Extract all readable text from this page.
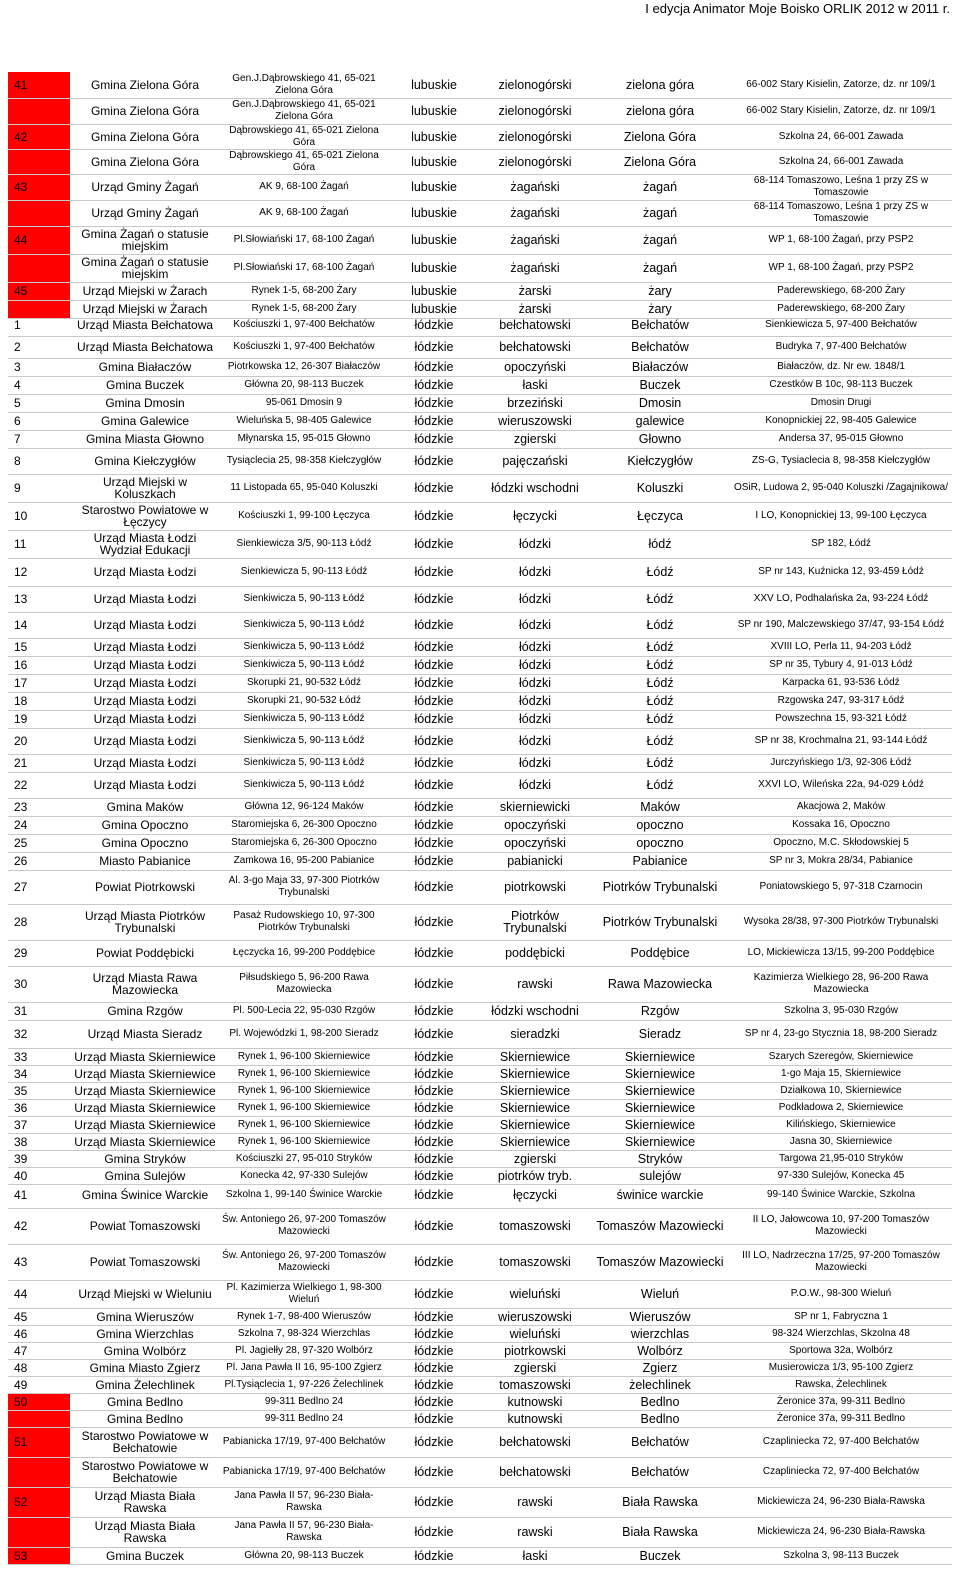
I edycja Animator Moje Boisko ORLIK 2012 w 2011 r.
41	Gmina Zielona Góra	Gen.J.Dąbrowskiego 41, 65-021 Zielona Góra	lubuskie	zielonogórski	zielona góra	66-002 Stary Kisielin, Zatorze, dz. nr 109/1
	Gmina Zielona Góra	Gen.J.Dąbrowskiego 41, 65-021 Zielona Góra	lubuskie	zielonogórski	zielona góra	66-002 Stary Kisielin, Zatorze, dz. nr 109/1
42	Gmina Zielona Góra	Dąbrowskiego 41, 65-021 Zielona Góra	lubuskie	zielonogórski	Zielona Góra	Szkolna 24, 66-001 Zawada
	Gmina Zielona Góra	Dąbrowskiego 41, 65-021 Zielona Góra	lubuskie	zielonogórski	Zielona Góra	Szkolna 24, 66-001 Zawada
43	Urząd Gminy Żagań	AK 9, 68-100 Żagań	lubuskie	żagański	żagań	68-114 Tomaszowo, Leśna 1 przy ZS w Tomaszowie
	Urząd Gminy Żagań	AK 9, 68-100 Żagań	lubuskie	żagański	żagań	68-114 Tomaszowo, Leśna 1 przy ZS w Tomaszowie
44	Gmina Żagań o statusie miejskim	Pl.Słowiański 17, 68-100 Żagań	lubuskie	żagański	żagań	WP 1, 68-100 Żagań, przy PSP2
	Gmina Żagań o statusie miejskim	Pl.Słowiański 17, 68-100 Żagań	lubuskie	żagański	żagań	WP 1, 68-100 Żagań, przy PSP2
45	Urząd Miejski w Żarach	Rynek 1-5, 68-200 Żary	lubuskie	żarski	żary	Paderewskiego, 68-200 Żary
	Urząd Miejski w Żarach	Rynek 1-5, 68-200 Żary	lubuskie	żarski	żary	Paderewskiego, 68-200 Żary
1	Urząd Miasta Bełchatowa	Kościuszki 1, 97-400 Bełchatów	łódzkie	bełchatowski	Bełchatów	Sienkiewicza 5, 97-400 Bełchatów
2	Urząd Miasta Bełchatowa	Kościuszki 1, 97-400 Bełchatów	łódzkie	bełchatowski	Bełchatów	Budryka 7, 97-400 Bełchatów
3	Gmina Białaczów	Piotrkowska 12, 26-307 Białaczów	łódzkie	opoczyński	Białaczów	Białaczów, dz. Nr ew. 1848/1
4	Gmina Buczek	Główna 20, 98-113 Buczek	łódzkie	łaski	Buczek	Czestków B 10c, 98-113 Buczek
5	Gmina Dmosin	95-061 Dmosin 9	łódzkie	brzeziński	Dmosin	Dmosin Drugi
6	Gmina Galewice	Wieluńska 5, 98-405 Galewice	łódzkie	wieruszowski	galewice	Konopnickiej 22, 98-405 Galewice
7	Gmina Miasta Głowno	Młynarska 15, 95-015 Głowno	łódzkie	zgierski	Głowno	Andersa 37, 95-015 Głowno
8	Gmina Kiełczygłów	Tysiąclecia 25, 98-358 Kiełczygłów	łódzkie	pajęczański	Kiełczygłów	ZS-G, Tysiaclecia 8, 98-358 Kiełczygłów
9	Urząd Miejski w Koluszkach	11 Listopada 65, 95-040 Koluszki	łódzkie	łódzki wschodni	Koluszki	OSiR, Ludowa 2, 95-040 Koluszki /Zagajnikowa/
10	Starostwo Powiatowe w Łęczycy	Kościuszki 1, 99-100 Łęczyca	łódzkie	łęczycki	Łęczyca	I LO, Konopnickiej 13, 99-100 Łęczyca
11	Urząd Miasta Łodzi Wydział Edukacji	Sienkiewicza 3/5, 90-113 Łódź	łódzkie	łódzki	łódź	SP 182, Łódź
12	Urząd Miasta Łodzi	Sienkiewicza 5, 90-113 Łódź	łódzkie	łódzki	Łódź	SP nr 143, Kuźnicka 12, 93-459 Łódź
13	Urząd Miasta Łodzi	Sienkiwicza 5, 90-113 Łódź	łódzkie	łódzki	Łódź	XXV LO, Podhalańska 2a, 93-224 Łódź
14	Urząd Miasta Łodzi	Sienkiwicza 5, 90-113 Łódź	łódzkie	łódzki	Łódź	SP nr 190, Malczewskiego 37/47, 93-154 Łódź
15	Urząd Miasta Łodzi	Sienkiwicza 5, 90-113 Łódź	łódzkie	łódzki	Łódź	XVIII LO, Perla 11, 94-203 Łódź
16	Urząd Miasta Łodzi	Sienkiwicza 5, 90-113 Łódź	łódzkie	łódzki	Łódź	SP nr 35, Tybury 4, 91-013 Łódź
17	Urząd Miasta Łodzi	Skorupki 21, 90-532 Łódź	łódzkie	łódzki	Łódź	Karpacka 61, 93-536 Łódź
18	Urząd Miasta Łodzi	Skorupki 21, 90-532 Łódź	łódzkie	łódzki	Łódź	Rzgowska 247, 93-317 Łódź
19	Urząd Miasta Łodzi	Sienkiwicza 5, 90-113 Łódź	łódzkie	łódzki	Łódź	Powszechna 15, 93-321 Łódź
20	Urząd Miasta Łodzi	Sienkiwicza 5, 90-113 Łódź	łódzkie	łódzki	Łódź	SP nr 38, Krochmalna 21, 93-144 Łódź
21	Urząd Miasta Łodzi	Sienkiwicza 5, 90-113 Łódź	łódzkie	łódzki	Łódź	Jurczyńskiego 1/3, 92-306 Łódź
22	Urząd Miasta Łodzi	Sienkiwicza 5, 90-113 Łódź	łódzkie	łódzki	Łódź	XXVI LO, Wileńska 22a, 94-029 Łódź
23	Gmina Maków	Główna 12, 96-124 Maków	łódzkie	skierniewicki	Maków	Akacjowa 2, Maków
24	Gmina Opoczno	Staromiejska 6, 26-300 Opoczno	łódzkie	opoczyński	opoczno	Kossaka 16, Opoczno
25	Gmina Opoczno	Staromiejska 6, 26-300 Opoczno	łódzkie	opoczyński	opoczno	Opoczno, M.C. Skłodowskiej 5
26	Miasto Pabianice	Zamkowa 16, 95-200 Pabianice	łódzkie	pabianicki	Pabianice	SP nr 3, Mokra 28/34, Pabianice
27	Powiat Piotrkowski	Al. 3-go Maja 33, 97-300 Piotrków Trybunalski	łódzkie	piotrkowski	Piotrków Trybunalski	Poniatowskiego 5, 97-318 Czarnocin
28	Urząd Miasta Piotrków Trybunalski	Pasaż Rudowskiego 10, 97-300 Piotrków Trybunalski	łódzkie	Piotrków Trybunalski	Piotrków Trybunalski	Wysoka 28/38, 97-300 Piotrków Trybunalski
29	Powiat Poddębicki	Łęczycka 16, 99-200 Poddębice	łódzkie	poddębicki	Poddębice	LO, Mickiewicza 13/15, 99-200 Poddębice
30	Urząd Miasta Rawa Mazowiecka	Piłsudskiego 5, 96-200 Rawa Mazowiecka	łódzkie	rawski	Rawa Mazowiecka	Kazimierza Wielkiego 28, 96-200 Rawa Mazowiecka
31	Gmina Rzgów	Pl. 500-Lecia 22, 95-030 Rzgów	łódzkie	łódzki wschodni	Rzgów	Szkolna 3, 95-030 Rzgów
32	Urząd Miasta Sieradz	Pl. Wojewódzki 1, 98-200 Sieradz	łódzkie	sieradzki	Sieradz	SP nr 4, 23-go Stycznia 18, 98-200 Sieradz
33	Urząd Miasta Skierniewice	Rynek 1, 96-100 Skierniewice	łódzkie	Skierniewice	Skierniewice	Szarych Szeregów, Skierniewice
34	Urząd Miasta Skierniewice	Rynek 1, 96-100 Skierniewice	łódzkie	Skierniewice	Skierniewice	1-go Maja 15, Skierniewice
35	Urząd Miasta Skierniewice	Rynek 1, 96-100 Skierniewice	łódzkie	Skierniewice	Skierniewice	Działkowa 10, Skierniewice
36	Urząd Miasta Skierniewice	Rynek 1, 96-100 Skierniewice	łódzkie	Skierniewice	Skierniewice	Podkładowa 2, Skierniewice
37	Urząd Miasta Skierniewice	Rynek 1, 96-100 Skierniewice	łódzkie	Skierniewice	Skierniewice	Kilińskiego, Skierniewice
38	Urząd Miasta Skierniewice	Rynek 1, 96-100 Skierniewice	łódzkie	Skierniewice	Skierniewice	Jasna 30, Skierniewice
39	Gmina Stryków	Kościuszki 27, 95-010 Stryków	łódzkie	zgierski	Stryków	Targowa 21,95-010 Stryków
40	Gmina Sulejów	Konecka 42, 97-330 Sulejów	łódzkie	piotrków tryb.	sulejów	97-330 Sulejów, Konecka 45
41	Gmina Świnice Warckie	Szkolna 1, 99-140 Świnice Warckie	łódzkie	łęczycki	świnice warckie	99-140 Świnice Warckie, Szkolna
42	Powiat Tomaszowski	Św. Antoniego 26, 97-200 Tomaszów Mazowiecki	łódzkie	tomaszowski	Tomaszów Mazowiecki	II LO, Jałowcowa 10, 97-200 Tomaszów Mazowiecki
43	Powiat Tomaszowski	Św. Antoniego 26, 97-200 Tomaszów Mazowiecki	łódzkie	tomaszowski	Tomaszów Mazowiecki	III LO, Nadrzeczna 17/25, 97-200 Tomaszów Mazowiecki
44	Urząd Miejski w Wieluniu	Pl. Kazimierza Wielkiego 1, 98-300 Wieluń	łódzkie	wieluński	Wieluń	P.O.W., 98-300 Wieluń
45	Gmina Wieruszów	Rynek 1-7, 98-400 Wieruszów	łódzkie	wieruszowski	Wieruszów	SP nr 1, Fabryczna 1
46	Gmina Wierzchlas	Szkolna 7, 98-324 Wierzchlas	łódzkie	wieluński	wierzchlas	98-324 Wierzchlas, Skzolna 48
47	Gmina Wolbórz	Pl. Jagiełły 28, 97-320 Wolbórz	łódzkie	piotrkowski	Wolbórz	Sportowa 32a, Wolbórz
48	Gmina Miasto Zgierz	Pl. Jana Pawła II 16, 95-100 Zgierz	łódzkie	zgierski	Zgierz	Musierowicza 1/3, 95-100 Zgierz
49	Gmina Żelechlinek	Pl.Tysiąclecia 1, 97-226 Żelechlinek	łódzkie	tomaszowski	żelechlinek	Rawska, Żelechlinek
50	Gmina Bedlno	99-311 Bedlno 24	łódzkie	kutnowski	Bedlno	Żeronice 37a, 99-311 Bedlno
	Gmina Bedlno	99-311 Bedlno 24	łódzkie	kutnowski	Bedlno	Żeronice 37a, 99-311 Bedlno
51	Starostwo Powiatowe w Bełchatowie	Pabianicka 17/19, 97-400 Bełchatów	łódzkie	bełchatowski	Bełchatów	Czapliniecka 72, 97-400 Bełchatów
	Starostwo Powiatowe w Bełchatowie	Pabianicka 17/19, 97-400 Bełchatów	łódzkie	bełchatowski	Bełchatów	Czapliniecka 72, 97-400 Bełchatów
52	Urząd Miasta Biała Rawska	Jana Pawła II 57, 96-230 Biała-Rawska	łódzkie	rawski	Biała Rawska	Mickiewicza 24, 96-230 Biała-Rawska
	Urząd Miasta Biała Rawska	Jana Pawła II 57, 96-230 Biała-Rawska	łódzkie	rawski	Biała Rawska	Mickiewicza 24, 96-230 Biała-Rawska
53	Gmina Buczek	Główna 20, 98-113 Buczek	łódzkie	łaski	Buczek	Szkolna 3, 98-113 Buczek
